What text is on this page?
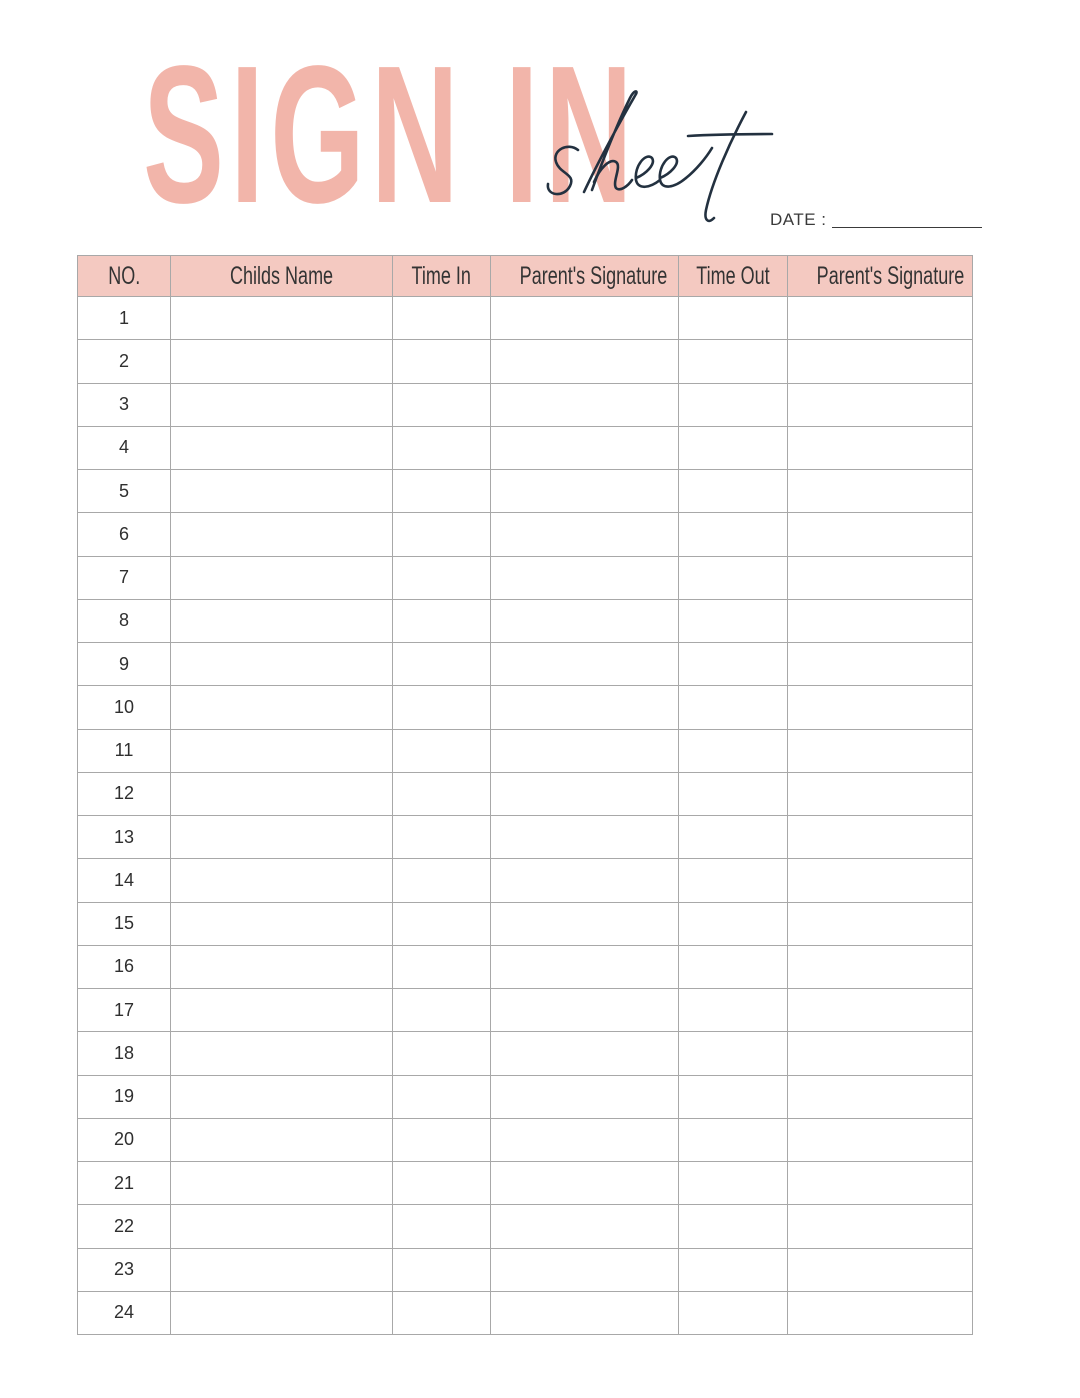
SIGN IN	DATE :
NO.	Childs Name	Time In	Parent's Signature	Time Out	Parent's Signature
1					
2					
3					
4					
5					
6					
7					
8					
9					
10					
11					
12					
13					
14					
15					
16					
17					
18					
19					
20					
21					
22					
23					
24					
